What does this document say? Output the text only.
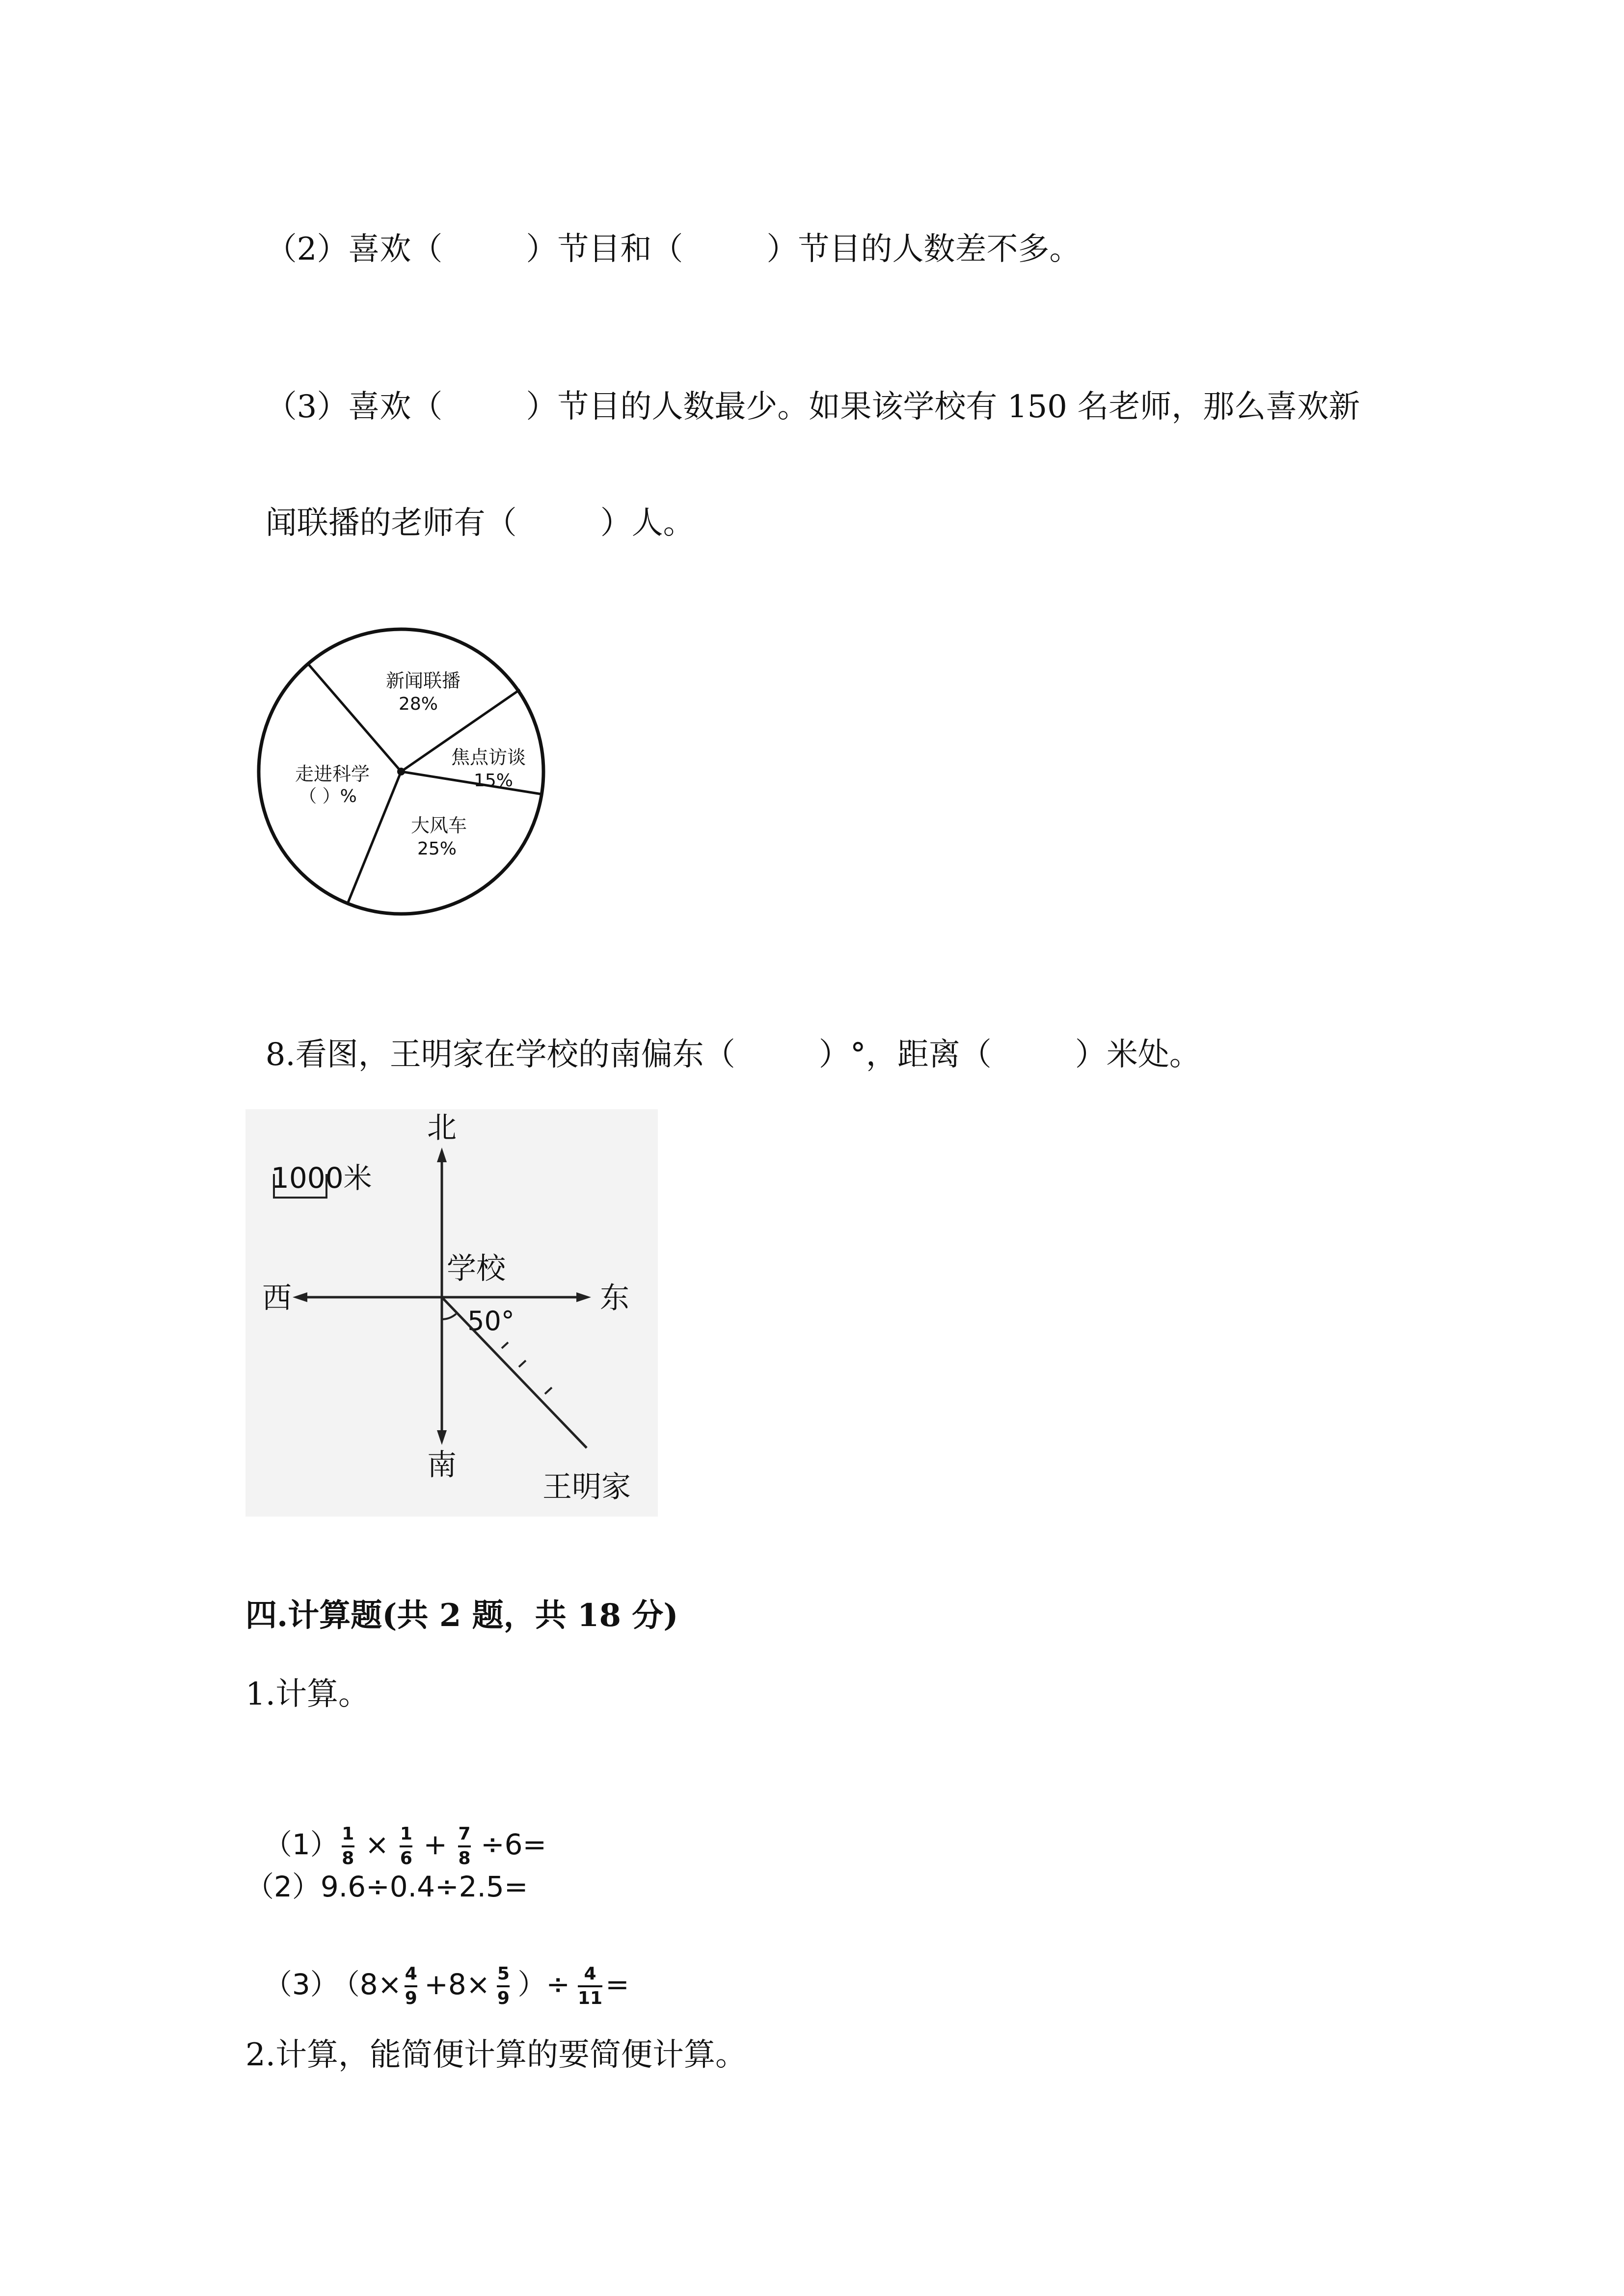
（2）喜欢（	）节目和（	）节目的人数差不多。

（3）喜欢（	）节目的人数最少。如果该学校有 150 名老师，那么喜欢新

闻联播的老师有（	）人。

新闻联播
28%
焦点访谈
15%
大风车
25%
走进科学
（ ）%

8.看图，王明家在学校的南偏东（	）°，距离（	）米处。

1000米
北
南
西	东
学校
50°
王明家
四.计算题(共 2 题，共 18 分)
1.计算。

$(1) \frac{1}{8} \times \frac{1}{6} + \frac{7}{8} \div 6=$

（2）9.6÷0.4÷2.5=

（3） （$8\times \frac{4}{9} +8\times \frac{5}{9}$ ）÷ $\frac{4}{11}$ =

2.计算，能简便计算的要简便计算。
